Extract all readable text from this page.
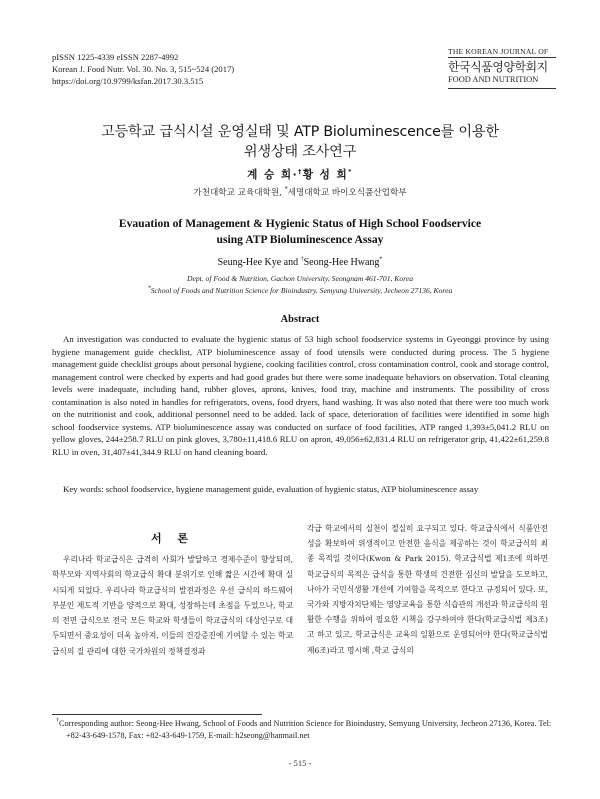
pISSN 1225-4339 eISSN 2287-4992
Korean J. Food Nutr. Vol. 30. No. 3, 515~524 (2017)
https://doi.org/10.9799/ksfan.2017.30.3.515
THE KOREAN JOURNAL OF
한국식품영양학회지
FOOD AND NUTRITION
고등학교 급식시설 운영실태 및 ATP Bioluminescence를 이용한
위생상태 조사연구
계 승 희·†황 성 희*
가천대학교 교육대학원, *세명대학교 바이오식품산업학부
Evauation of Management & Hygienic Status of High School Foodservice
using ATP Bioluminescence Assay
Seung-Hee Kye and †Seong-Hee Hwang*
Dept. of Food & Nutrition, Gachon University, Seongnam 461-701, Korea
*School of Foods and Nutrition Science for Bioindustry, Semyung University, Jecheon 27136, Korea
Abstract
An investigation was conducted to evaluate the hygienic status of 53 high school foodservice systems in Gyeonggi province by using hygiene management guide checklist, ATP bioluminescence assay of food utensils were conducted during process. The 5 hygiene management guide checklist groups about personal hygiene, cooking facilities control, cross contamination control, cook and storage control, management control were checked by experts and had good grades but there were some inadequate behaviors on observation. Total cleaning levels were inadequate, including hand, rubber gloves, aprons, knives, food tray, machine and instruments. The possibility of cross contamination is also noted in handles for refrigerators, ovens, food dryers, hand washing. It was also noted that there were too much work on the nutritionist and cook, additional personnel need to be added. lack of space, deterioration of facilities were identified in some high school foodservice systems. ATP bioluminescence assay was conducted on surface of food facilities, ATP ranged 1,393±5,041.2 RLU on yellow gloves, 244±258.7 RLU on pink gloves, 3,780±11,418.6 RLU on apron, 49,056±62,831.4 RLU on refrigerator grip, 41,422±61,259.8 RLU in oven, 31,407±41,344.9 RLU on hand cleaning board.
Key words: school foodservice, hygiene management guide, evaluation of hygienic status, ATP bioluminescence assay
서 론
우리나라 학교급식은 급격히 사회가 발달하고 경제수준이 향상되며, 학부모와 지역사회의 학교급식 확대 분위기로 인해 짧은 시간에 확대 실시되게 되었다. 우리나라 학교급식의 발전과정은 우선 급식의 하드웨어 부분인 제도적 기반을 양적으로 확대, 성장하는데 초점을 두었으나, 학교의 전면 급식으로 전국 모든 학교와 학생들이 학교급식의 대상인구로 대두되면서 중요성이 더욱 높아져, 이들의 건강증진에 기여할 수 있는 학교급식의 질 관리에 대한 국가차원의 정책결정과
각급 학교에서의 실천이 절실히 요구되고 있다. 학교급식에서 식품안전성을 확보하여 위생적이고 안전한 음식을 제공하는 것이 학교급식의 최종 목적일 것이다(Kwon & Park 2015). 학교급식법 제1조에 의하면 학교급식의 목적은 급식을 통한 학생의 건전한 심신의 발달을 도모하고, 나아가 국민식생활 개선에 기여함을 목적으로 한다고 규정되어 있다. 또, 국가와 지방자치단체는 영양교육을 통한 식습관의 개선과 학교급식의 원활한 수행을 위하여 필요한 시책을 강구하여야 한다(학교급식법 제3조)고 하고 있고, 학교급식은 교육의 일환으로 운영되어야 한다(학교급식법 제6조)라고 명시해 ,학교 급식의
†Corresponding author: Seong-Hee Hwang, School of Foods and Nutrition Science for Bioindustry, Semyung University, Jecheon 27136, Korea. Tel: +82-43-649-1578, Fax: +82-43-649-1759, E-mail: h2seong@hanmail.net
- 515 -
